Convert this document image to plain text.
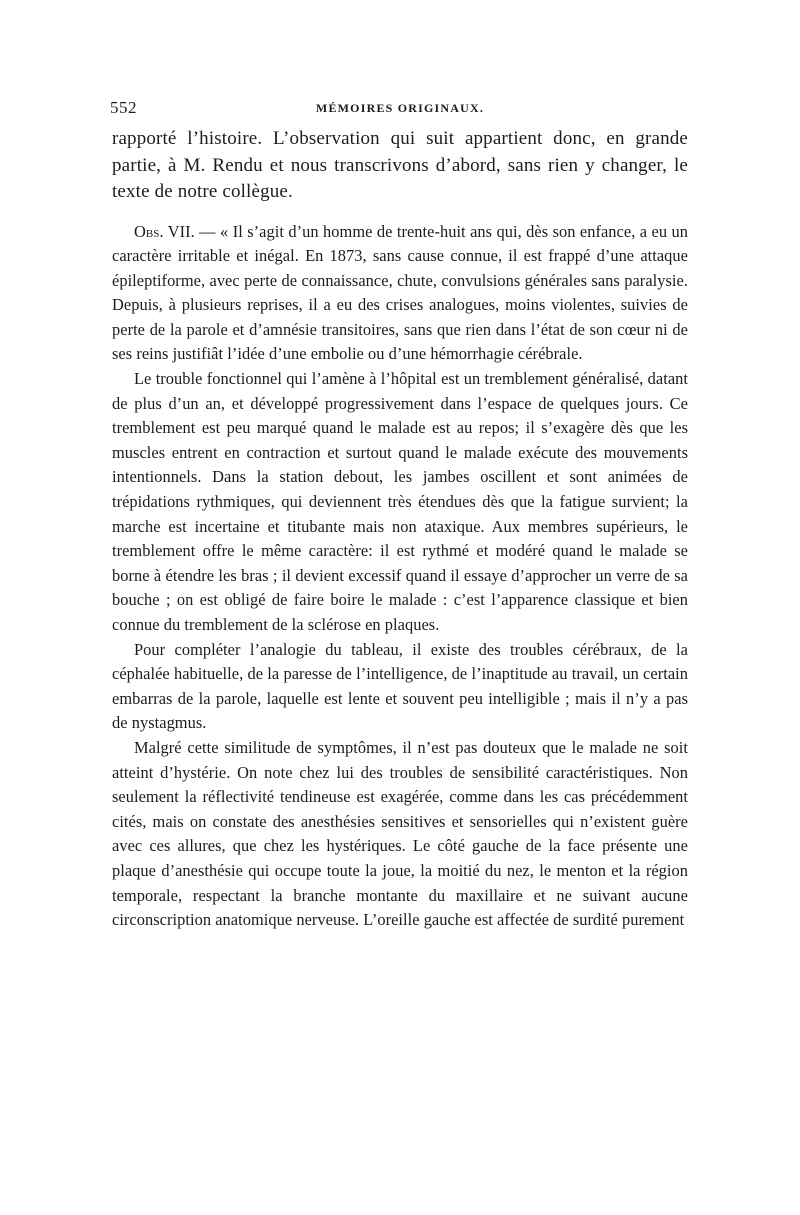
552	MÉMOIRES ORIGINAUX.

rapporté l’histoire. L’observation qui suit appartient donc, en grande partie, à M. Rendu et nous transcrivons d’abord, sans rien y changer, le texte de notre collègue.

Obs. VII. — « Il s’agit d’un homme de trente-huit ans qui, dès son enfance, a eu un caractère irritable et inégal. En 1873, sans cause connue, il est frappé d’une attaque épileptiforme, avec perte de connaissance, chute, convulsions générales sans paralysie. Depuis, à plusieurs reprises, il a eu des crises analogues, moins violentes, suivies de perte de la parole et d’amnésie transitoires, sans que rien dans l’état de son cœur ni de ses reins justifiât l’idée d’une embolie ou d’une hémorrhagie cérébrale.

Le trouble fonctionnel qui l’amène à l’hôpital est un tremblement généralisé, datant de plus d’un an, et développé progressivement dans l’espace de quelques jours. Ce tremblement est peu marqué quand le malade est au repos; il s’exagère dès que les muscles entrent en contraction et surtout quand le malade exécute des mouvements intentionnels. Dans la station debout, les jambes oscillent et sont animées de trépidations rythmiques, qui deviennent très étendues dès que la fatigue survient; la marche est incertaine et titubante mais non ataxique. Aux membres supérieurs, le tremblement offre le même caractère: il est rythmé et modéré quand le malade se borne à étendre les bras ; il devient excessif quand il essaye d’approcher un verre de sa bouche ; on est obligé de faire boire le malade : c’est l’apparence classique et bien connue du tremblement de la sclérose en plaques.

Pour compléter l’analogie du tableau, il existe des troubles cérébraux, de la céphalée habituelle, de la paresse de l’intelligence, de l’inaptitude au travail, un certain embarras de la parole, laquelle est lente et souvent peu intelligible ; mais il n’y a pas de nystagmus.

Malgré cette similitude de symptômes, il n’est pas douteux que le malade ne soit atteint d’hystérie. On note chez lui des troubles de sensibilité caractéristiques. Non seulement la réflectivité tendineuse est exagérée, comme dans les cas précédemment cités, mais on constate des anesthésies sensitives et sensorielles qui n’existent guère avec ces allures, que chez les hystériques. Le côté gauche de la face présente une plaque d’anesthésie qui occupe toute la joue, la moitié du nez, le menton et la région temporale, respectant la branche montante du maxillaire et ne suivant aucune circonscription anatomique nerveuse. L’oreille gauche est affectée de surdité purement
